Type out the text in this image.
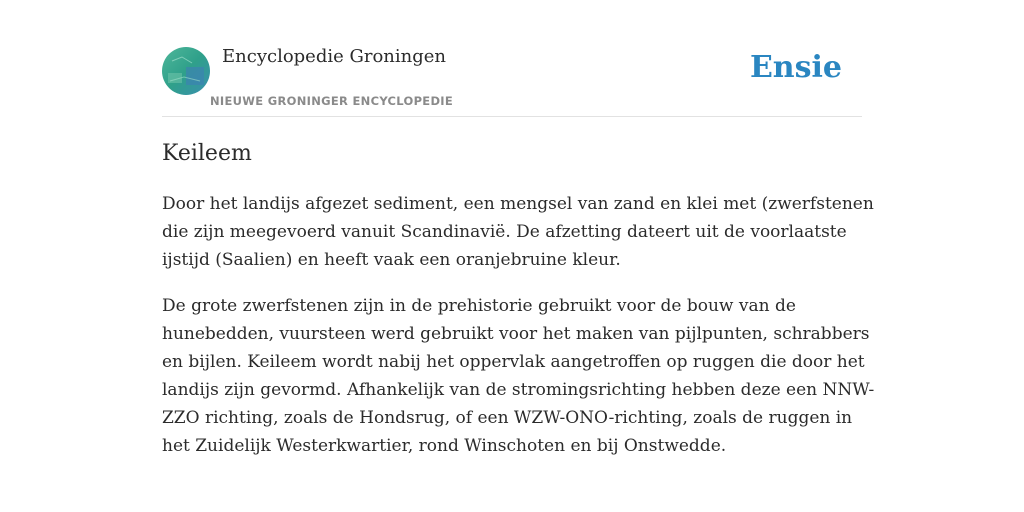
Encyclopedie Groningen
NIEUWE GRONINGER ENCYCLOPEDIE
Ensie
Keileem

Door het landijs afgezet sediment, een mengsel van zand en klei met (zwerfstenen
die zijn meegevoerd vanuit Scandinavië. De afzetting dateert uit de voorlaatste
ijstijd (Saalien) en heeft vaak een oranjebruine kleur.

De grote zwerfstenen zijn in de prehistorie gebruikt voor de bouw van de
hunebedden, vuursteen werd gebruikt voor het maken van pijlpunten, schrabbers
en bijlen. Keileem wordt nabij het oppervlak aangetroffen op ruggen die door het
landijs zijn gevormd. Afhankelijk van de stromingsrichting hebben deze een NNW-
ZZO richting, zoals de Hondsrug, of een WZW-ONO-richting, zoals de ruggen in
het Zuidelijk Westerkwartier, rond Winschoten en bij Onstwedde.
